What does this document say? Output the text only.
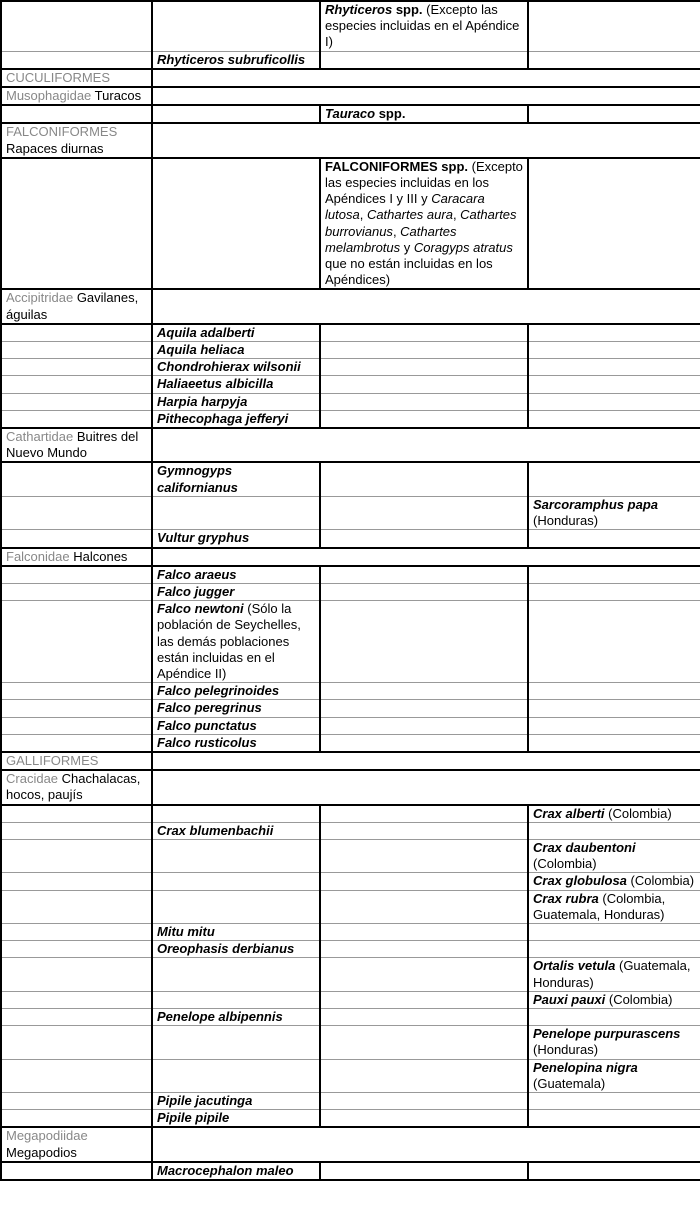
		Rhyticeros spp. (Excepto las especies incluidas en el Apéndice I)	
	Rhyticeros subruficollis		
CUCULIFORMES			
Musophagidae Turacos			
		Tauraco spp.	
FALCONIFORMES Rapaces diurnas			
		FALCONIFORMES spp. (Excepto las especies incluidas en los Apéndices I y III y Caracara lutosa, Cathartes aura, Cathartes burrovianus, Cathartes melambrotus y Coragyps atratus que no están incluidas en los Apéndices)	
Accipitridae Gavilanes, águilas			
	Aquila adalberti		
	Aquila heliaca		
	Chondrohierax wilsonii		
	Haliaeetus albicilla		
	Harpia harpyja		
	Pithecophaga jefferyi		
Cathartidae Buitres del Nuevo Mundo			
	Gymnogyps californianus		
			Sarcoramphus papa (Honduras)
	Vultur gryphus		
Falconidae Halcones			
	Falco araeus		
	Falco jugger		
	Falco newtoni (Sólo la población de Seychelles, las demás poblaciones están incluidas en el Apéndice II)		
	Falco pelegrinoides		
	Falco peregrinus		
	Falco punctatus		
	Falco rusticolus		
GALLIFORMES			
Cracidae Chachalacas, hocos, paujís			
			Crax alberti (Colombia)
	Crax blumenbachii		
			Crax daubentoni (Colombia)
			Crax globulosa (Colombia)
			Crax rubra (Colombia, Guatemala, Honduras)
	Mitu mitu		
	Oreophasis derbianus		
			Ortalis vetula (Guatemala, Honduras)
			Pauxi pauxi (Colombia)
	Penelope albipennis		
			Penelope purpurascens (Honduras)
			Penelopina nigra (Guatemala)
	Pipile jacutinga		
	Pipile pipile		
Megapodiidae Megapodios			
	Macrocephalon maleo		
